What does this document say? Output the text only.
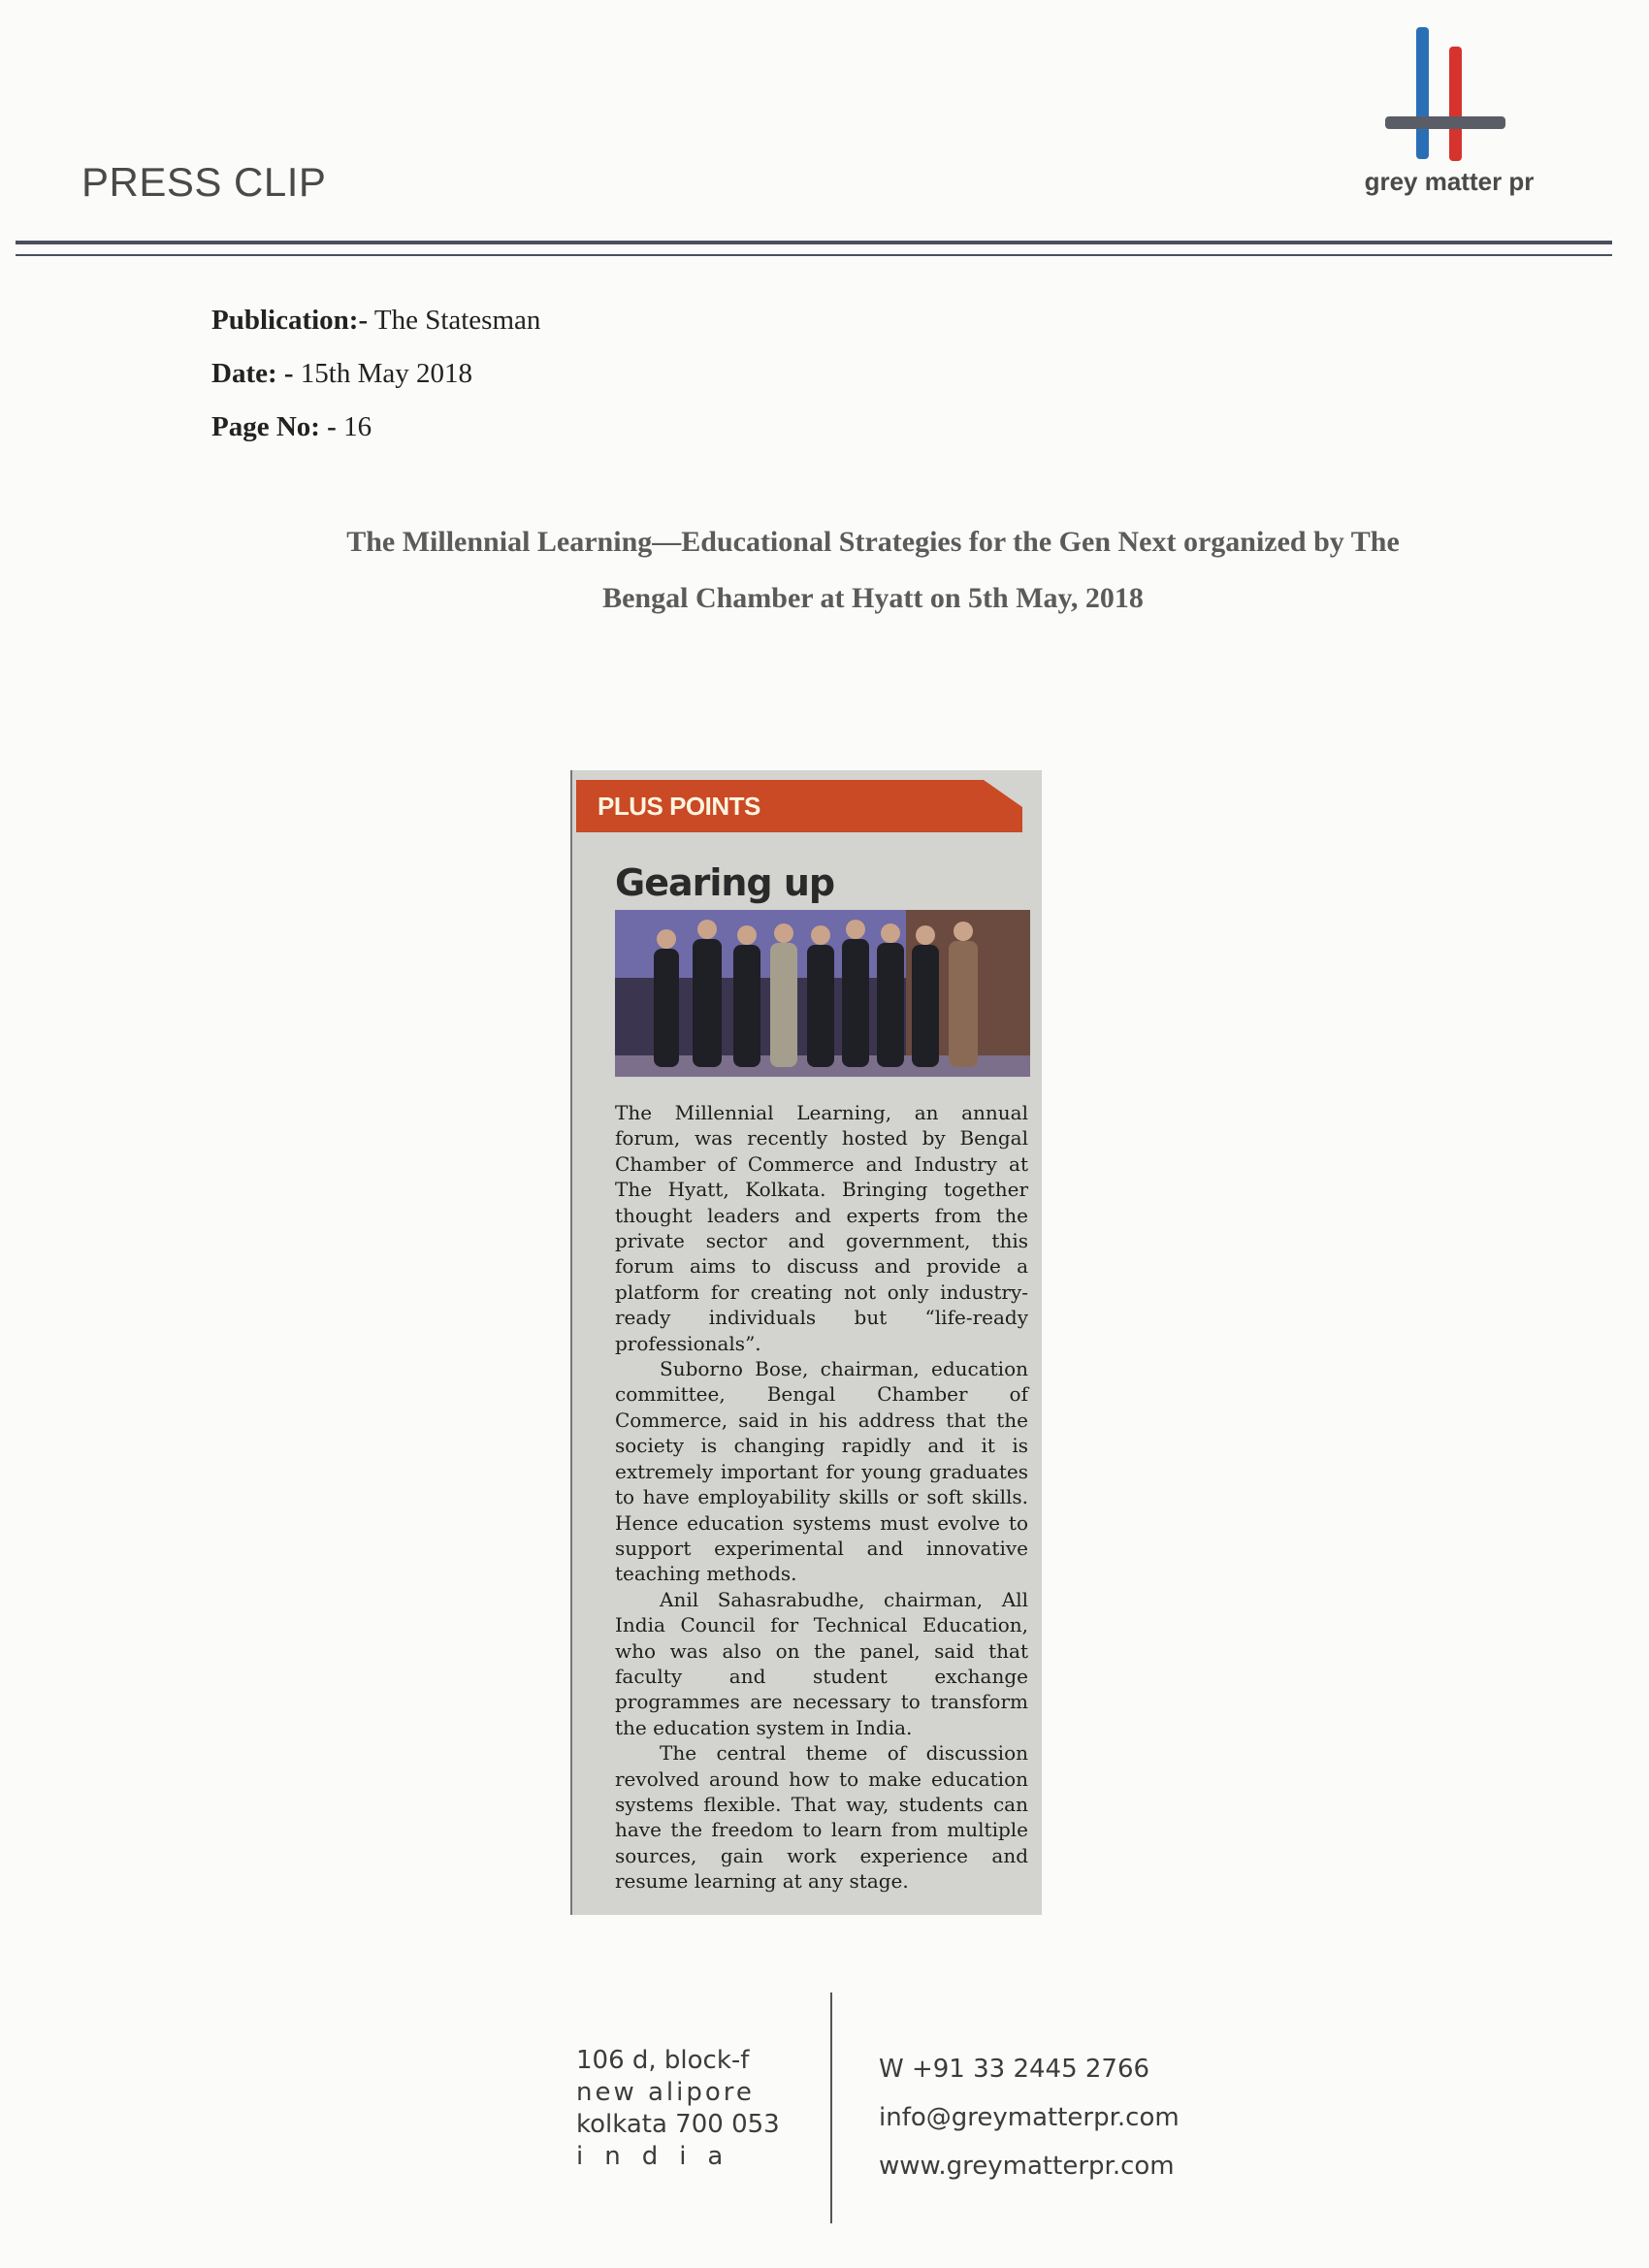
PRESS CLIP	grey matter pr
Publication:- The Statesman
Date: - 15th May 2018
Page No: - 16
The Millennial Learning—Educational Strategies for the Gen Next organized by The
Bengal Chamber at Hyatt on 5th May, 2018
PLUS POINTS
Gearing up

The Millennial Learning, an annual forum, was recently hosted by Bengal Chamber of Commerce and Industry at The Hyatt, Kolkata. Bringing together thought leaders and experts from the private sector and government, this forum aims to discuss and provide a platform for creating not only industry-ready individuals but “life-ready professionals”.

Suborno Bose, chairman, education committee, Bengal Chamber of Commerce, said in his address that the society is changing rapidly and it is extremely important for young graduates to have employability skills or soft skills. Hence education systems must evolve to support experimental and innovative teaching methods.

Anil Sahasrabudhe, chairman, All India Council for Technical Education, who was also on the panel, said that faculty and student exchange programmes are necessary to transform the education system in India.

The central theme of discussion revolved around how to make education systems flexible. That way, students can have the freedom to learn from multiple sources, gain work experience and resume learning at any stage.

106 d, block-f
new alipore
kolkata 700 053
india
W +91 33 2445 2766
info@greymatterpr.com
www.greymatterpr.com
